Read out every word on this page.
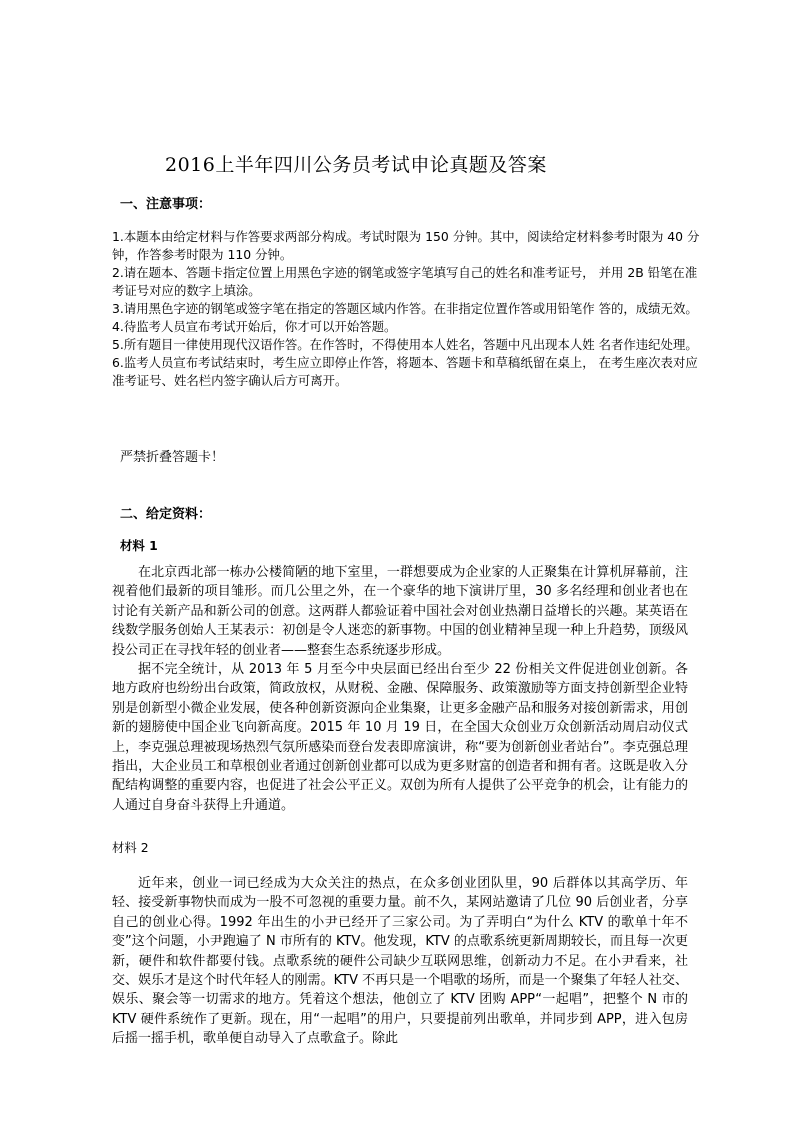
2016上半年四川公务员考试申论真题及答案
一、注意事项：

1.本题本由给定材料与作答要求两部分构成。考试时限为 150 分钟。其中，阅读给定材料参考时限为 40 分钟，作答参考时限为 110 分钟。

2.请在题本、答题卡指定位置上用黑色字迹的钢笔或签字笔填写自己的姓名和准考证号， 并用 2B 铅笔在准考证号对应的数字上填涂。

3.请用黑色字迹的钢笔或签字笔在指定的答题区域内作答。在非指定位置作答或用铅笔作 答的，成绩无效。

4.待监考人员宣布考试开始后，你才可以开始答题。

5.所有题目一律使用现代汉语作答。在作答时，不得使用本人姓名，答题中凡出现本人姓 名者作违纪处理。

6.监考人员宣布考试结束时，考生应立即停止作答，将题本、答题卡和草稿纸留在桌上， 在考生座次表对应准考证号、姓名栏内签字确认后方可离开。

严禁折叠答题卡！
二、给定资料：
材料 1

在北京西北部一栋办公楼简陋的地下室里，一群想要成为企业家的人正聚集在计算机屏幕前，注视着他们最新的项目雏形。而几公里之外，在一个豪华的地下演讲厅里，30 多名经理和创业者也在讨论有关新产品和新公司的创意。这两群人都验证着中国社会对创业热潮日益增长的兴趣。某英语在线数学服务创始人王某表示：初创是令人迷恋的新事物。中国的创业精神呈现一种上升趋势，顶级风投公司正在寻找年轻的创业者——整套生态系统逐步形成。

据不完全统计，从 2013 年 5 月至今中央层面已经出台至少 22 份相关文件促进创业创新。各地方政府也纷纷出台政策，简政放权，从财税、金融、保障服务、政策激励等方面支持创新型企业特别是创新型小微企业发展，使各种创新资源向企业集聚，让更多金融产品和服务对接创新需求，用创新的翅膀使中国企业飞向新高度。2015 年 10 月 19 日，在全国大众创业万众创新活动周启动仪式上，李克强总理被现场热烈气氛所感染而登台发表即席演讲，称“要为创新创业者站台”。李克强总理指出，大企业员工和草根创业者通过创新创业都可以成为更多财富的创造者和拥有者。这既是收入分配结构调整的重要内容，也促进了社会公平正义。双创为所有人提供了公平竞争的机会，让有能力的人通过自身奋斗获得上升通道。

材料 2

近年来，创业一词已经成为大众关注的热点，在众多创业团队里，90 后群体以其高学历、年轻、接受新事物快而成为一股不可忽视的重要力量。前不久，某网站邀请了几位 90 后创业者，分享自己的创业心得。1992 年出生的小尹已经开了三家公司。为了弄明白“为什么 KTV 的歌单十年不变”这个问题，小尹跑遍了 N 市所有的 KTV。他发现，KTV 的点歌系统更新周期较长，而且每一次更新，硬件和软件都要付钱。点歌系统的硬件公司缺少互联网思维，创新动力不足。在小尹看来，社交、娱乐才是这个时代年轻人的刚需。KTV 不再只是一个唱歌的场所，而是一个聚集了年轻人社交、娱乐、聚会等一切需求的地方。凭着这个想法，他创立了 KTV 团购 APP“一起唱”，把整个 N 市的 KTV 硬件系统作了更新。现在，用“一起唱”的用户，只要提前列出歌单，并同步到 APP，进入包房后摇一摇手机，歌单便自动导入了点歌盒子。除此
